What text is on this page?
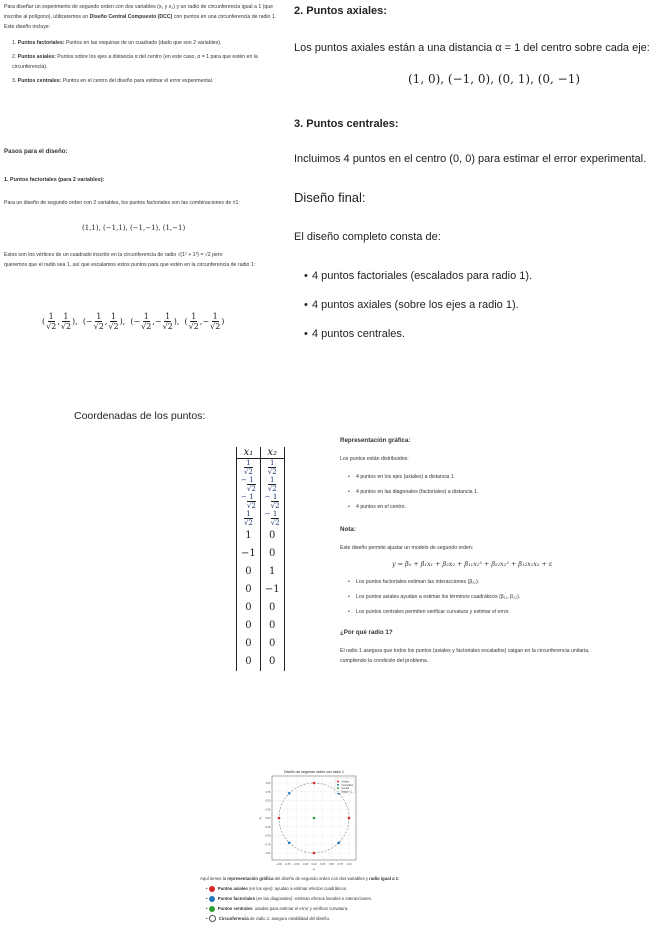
Para diseñar un experimento de segundo orden con dos variables (x₁ y x₂) y un radio de circunferencia igual a 1 (que inscribe al polígono), utilizaremos un Diseño Central Compuesto (DCC) con puntos en una circunferencia de radio 1. Este diseño incluye:
1. Puntos factoriales: Puntos en las esquinas de un cuadrado (dado que son 2 variables).
2. Puntos axiales: Puntos sobre los ejes a distancia α del centro (en este caso, α = 1 para que estén en la circunferencia).
3. Puntos centrales: Puntos en el centro del diseño para estimar el error experimental.
Pasos para el diseño:
1. Puntos factoriales (para 2 variables):
Para un diseño de segundo orden con 2 variables, los puntos factoriales son las combinaciones de ±1:
(1,1), (−1,1), (−1,−1), (1,−1)
Estos son los vértices de un cuadrado inscrito en la circunferencia de radio √(1² + 1²) = √2 pero
queremos que el radio sea 1, así que escalamos estos puntos para que estén en la circunferencia de radio 1:
( $\frac{1}{√2}$ , $\frac{1}{√2}$ ), (− $\frac{1}{√2}$ , $\frac{1}{√2}$ ), (− $\frac{1}{√2}$ ,− $\frac{1}{√2}$ ), ( $\frac{1}{√2}$ ,− $\frac{1}{√2}$ )
2. Puntos axiales:
Los puntos axiales están a una distancia α = 1 del centro sobre cada eje:
(1, 0), (−1, 0), (0, 1), (0, −1)
3. Puntos centrales:
Incluimos 4 puntos en el centro (0, 0) para estimar el error experimental.
Diseño final:
El diseño completo consta de:
• 4 puntos factoriales (escalados para radio 1).
• 4 puntos axiales (sobre los ejes a radio 1).
• 4 puntos centrales.
Coordenadas de los puntos:
x₁	x₂

$\frac{1}{√2}$	$\frac{1}{√2}$

− $\frac{1}{√2}$	$\frac{1}{√2}$

− $\frac{1}{√2}$	− $\frac{1}{√2}$

$\frac{1}{√2}$	− $\frac{1}{√2}$

1	0
−1	0
0	1
0	−1
0	0
0	0
0	0
0	0
Representación gráfica:
Los puntos están distribuidos:
• 4 puntos en los ejes (axiales) a distancia 1.
• 4 puntos en las diagonales (factoriales) a distancia 1.
• 4 puntos en el centro.
Nota:
Este diseño permite ajustar un modelo de segundo orden:
y = β₀ + β₁x₁ + β₂x₂ + β₁₁x₁² + β₂₂x₂² + β₁₂x₁x₂ + ε
• Los puntos factoriales estiman las interacciones (β₁₂).
• Los puntos axiales ayudan a estimar los términos cuadráticos (β₁₁, β₂₂).
• Los puntos centrales permiten verificar curvatura y estimar el error.
¿Por qué radio 1?
El radio 1 asegura que todos los puntos (axiales y factoriales escalados) caigan en la circunferencia unitaria, cumpliendo la condición del problema.
-1.00 -0.75 -0.50 -0.25 0.00 0.25 0.50 0.75 1.00
1.00
0.75
0.50
0.25
0.00
-0.25
-0.50
-0.75
-1.00
Diseño de segundo orden con radio 1
x₁
x₂
Axiales
Factoriales
Central
Radio = 1
Aquí tienes la representación gráfica del diseño de segundo orden con dos variables y radio igual a 1:
• Puntos axiales (en los ejes): ayudan a estimar efectos cuadráticos.
• Puntos factoriales (en las diagonales): estiman efectos lineales e interacciones.
• Puntos centrales: usados para estimar el error y verificar curvatura.
• Circunferencia de radio 1: asegura rotabilidad del diseño.
